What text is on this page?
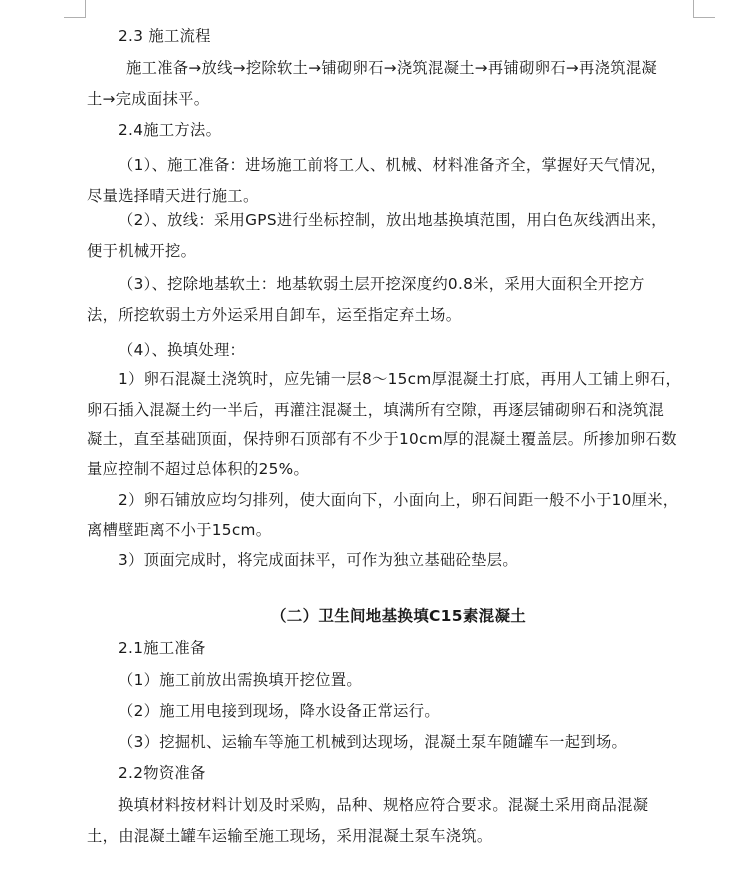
2.3 施工流程
施工准备→放线→挖除软土→铺砌卵石→浇筑混凝土→再铺砌卵石→再浇筑混凝
土→完成面抹平。
2.4施工方法。
（1）、施工准备：进场施工前将工人、机械、材料准备齐全，掌握好天气情况，
尽量选择晴天进行施工。
（2）、放线：采用GPS进行坐标控制，放出地基换填范围，用白色灰线洒出来，
便于机械开挖。
（3）、挖除地基软土：地基软弱土层开挖深度约0.8米，采用大面积全开挖方
法，所挖软弱土方外运采用自卸车，运至指定弃土场。
（4）、换填处理：
1）卵石混凝土浇筑时，应先铺一层8～15cm厚混凝土打底，再用人工铺上卵石，
卵石插入混凝土约一半后，再灌注混凝土，填满所有空隙，再逐层铺砌卵石和浇筑混
凝土，直至基础顶面，保持卵石顶部有不少于10cm厚的混凝土覆盖层。所掺加卵石数
量应控制不超过总体积的25%。
2）卵石铺放应均匀排列，使大面向下，小面向上，卵石间距一般不小于10厘米，
离槽壁距离不小于15cm。
3）顶面完成时，将完成面抹平，可作为独立基础砼垫层。
（二）卫生间地基换填C15素混凝土
2.1施工准备
（1）施工前放出需换填开挖位置。
（2）施工用电接到现场，降水设备正常运行。
（3）挖掘机、运输车等施工机械到达现场，混凝土泵车随罐车一起到场。
2.2物资准备
换填材料按材料计划及时采购，品种、规格应符合要求。混凝土采用商品混凝
土，由混凝土罐车运输至施工现场，采用混凝土泵车浇筑。
